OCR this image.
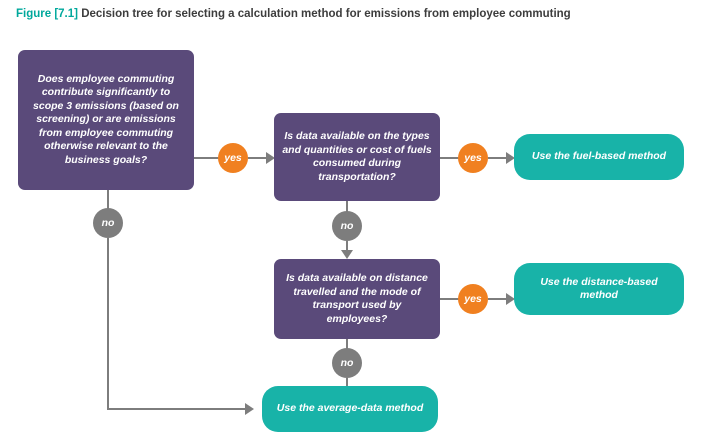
Figure [7.1] Decision tree for selecting a calculation method for emissions from employee commuting
Does employee commuting contribute significantly to scope 3 emissions (based on screening) or are emissions from employee commuting otherwise relevant to the business goals?	yes
Is data available on the types and quantities or cost of fuels consumed during transportation?
yes	Use the fuel-based method
no
Is data available on distance travelled and the mode of transport used by employees?
yes
Use the distance-based method
no
Use the average-data method
no
